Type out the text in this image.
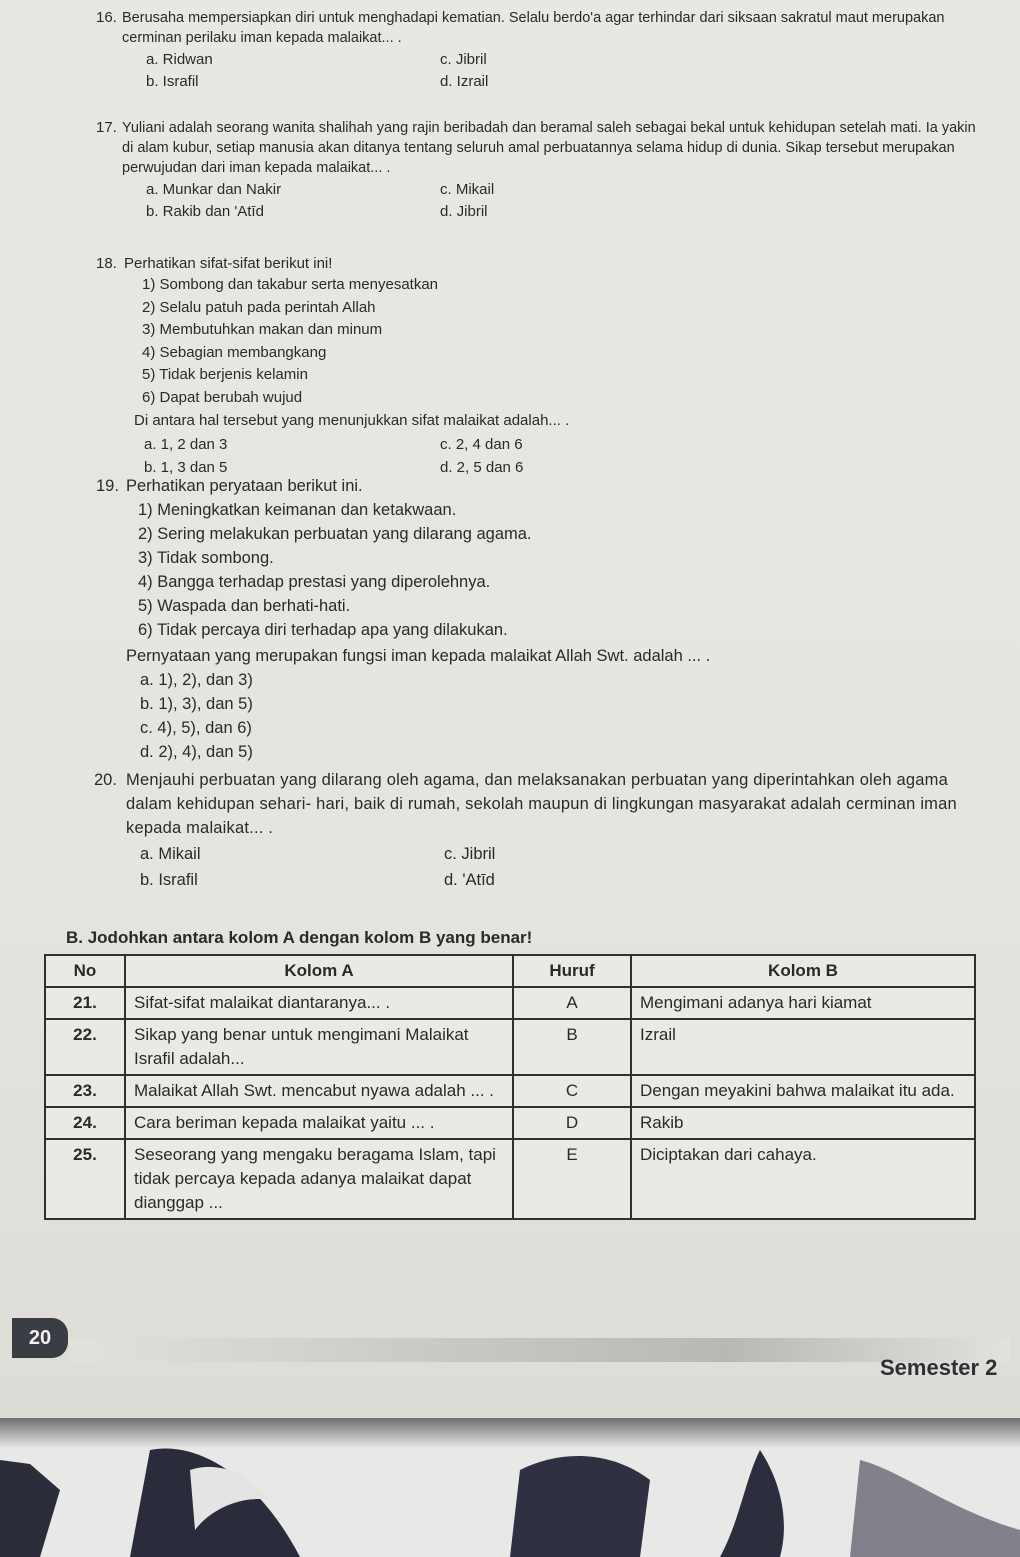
16. Berusaha mempersiapkan diri untuk menghadapi kematian. Selalu berdo'a agar terhindar dari siksaan sakratul maut merupakan cerminan perilaku iman kepada malaikat... .
a. Ridwan	c. Jibril
b. Israfil	d. Izrail
17. Yuliani adalah seorang wanita shalihah yang rajin beribadah dan beramal saleh sebagai bekal untuk kehidupan setelah mati. Ia yakin di alam kubur, setiap manusia akan ditanya tentang seluruh amal perbuatannya selama hidup di dunia. Sikap tersebut merupakan perwujudan dari iman kepada malaikat... .
a. Munkar dan Nakir	c. Mikail
b. Rakib dan 'Atīd	d. Jibril
18. Perhatikan sifat-sifat berikut ini!
1) Sombong dan takabur serta menyesatkan
2) Selalu patuh pada perintah Allah
3) Membutuhkan makan dan minum
4) Sebagian membangkang
5) Tidak berjenis kelamin
6) Dapat berubah wujud
Di antara hal tersebut yang menunjukkan sifat malaikat adalah... .
a. 1, 2 dan 3	c. 2, 4 dan 6
b. 1, 3 dan 5	d. 2, 5 dan 6
19. Perhatikan peryataan berikut ini.
1) Meningkatkan keimanan dan ketakwaan.
2) Sering melakukan perbuatan yang dilarang agama.
3) Tidak sombong.
4) Bangga terhadap prestasi yang diperolehnya.
5) Waspada dan berhati-hati.
6) Tidak percaya diri terhadap apa yang dilakukan.
Pernyataan yang merupakan fungsi iman kepada malaikat Allah Swt. adalah ... .
a. 1), 2), dan 3)
b. 1), 3), dan 5)
c. 4), 5), dan 6)
d. 2), 4), dan 5)
20. Menjauhi perbuatan yang dilarang oleh agama, dan melaksanakan perbuatan yang diperintahkan oleh agama dalam kehidupan sehari- hari, baik di rumah, sekolah maupun di lingkungan masyarakat adalah cerminan iman kepada malaikat... .
a. Mikail	c. Jibril
b. Israfil	d. 'Atīd
B. Jodohkan antara kolom A dengan kolom B yang benar!
No	Kolom A	Huruf	Kolom B
21.	Sifat-sifat malaikat diantaranya... .	A	Mengimani adanya hari kiamat
22.	Sikap yang benar untuk mengimani Malaikat Israfil adalah...	B	Izrail
23.	Malaikat Allah Swt. mencabut nyawa adalah ... .	C	Dengan meyakini bahwa malaikat itu ada.
24.	Cara beriman kepada malaikat yaitu ... .	D	Rakib
25.	Seseorang yang mengaku beragama Islam, tapi tidak percaya kepada adanya malaikat dapat dianggap ...	E	Diciptakan dari cahaya.
20
Semester 2
